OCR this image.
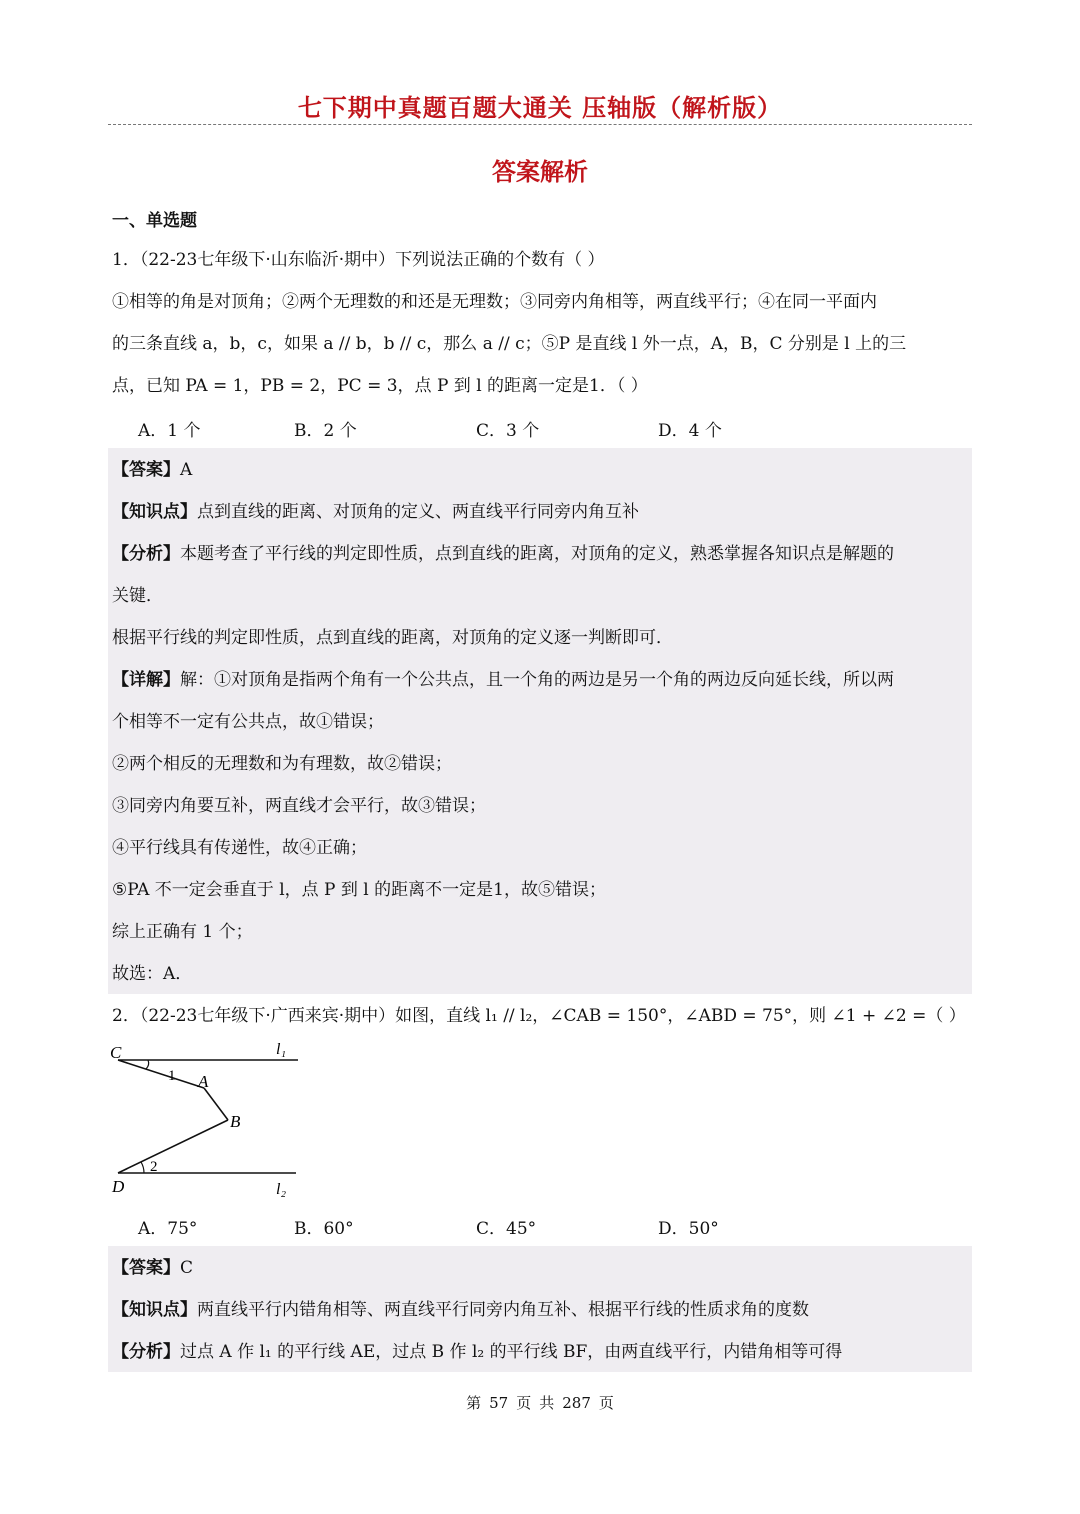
七下期中真题百题大通关 压轴版（解析版）
答案解析
一、单选题
1．（22-23七年级下·山东临沂·期中）下列说法正确的个数有（ ）
①相等的角是对顶角；②两个无理数的和还是无理数；③同旁内角相等，两直线平行；④在同一平面内
的三条直线 a，b，c，如果 a // b，b // c，那么 a // c；⑤P 是直线 l 外一点，A，B，C 分别是 l 上的三
点，已知 PA = 1，PB = 2，PC = 3，点 P 到 l 的距离一定是1．（ ）
A．1 个	B．2 个	C．3 个	D．4 个
【答案】A
【知识点】点到直线的距离、对顶角的定义、两直线平行同旁内角互补
【分析】本题考查了平行线的判定即性质，点到直线的距离，对顶角的定义，熟悉掌握各知识点是解题的
关键．
根据平行线的判定即性质，点到直线的距离，对顶角的定义逐一判断即可．
【详解】解：①对顶角是指两个角有一个公共点，且一个角的两边是另一个角的两边反向延长线，所以两
个相等不一定有公共点，故①错误；
②两个相反的无理数和为有理数，故②错误；
③同旁内角要互补，两直线才会平行，故③错误；
④平行线具有传递性，故④正确；
⑤PA 不一定会垂直于 l，点 P 到 l 的距离不一定是1，故⑤错误；
综上正确有 1 个；
故选：A．
2．（22-23七年级下·广西来宾·期中）如图，直线 l₁ // l₂，∠CAB = 150°，∠ABD = 75°，则 ∠1 + ∠2 =（ ）
C
A
B
D
l₁
l₂
1
2
A．75°	B．60°	C．45°	D．50°
【答案】C
【知识点】两直线平行内错角相等、两直线平行同旁内角互补、根据平行线的性质求角的度数
【分析】过点 A 作 l₁ 的平行线 AE，过点 B 作 l₂ 的平行线 BF，由两直线平行，内错角相等可得
第 57 页 共 287 页
